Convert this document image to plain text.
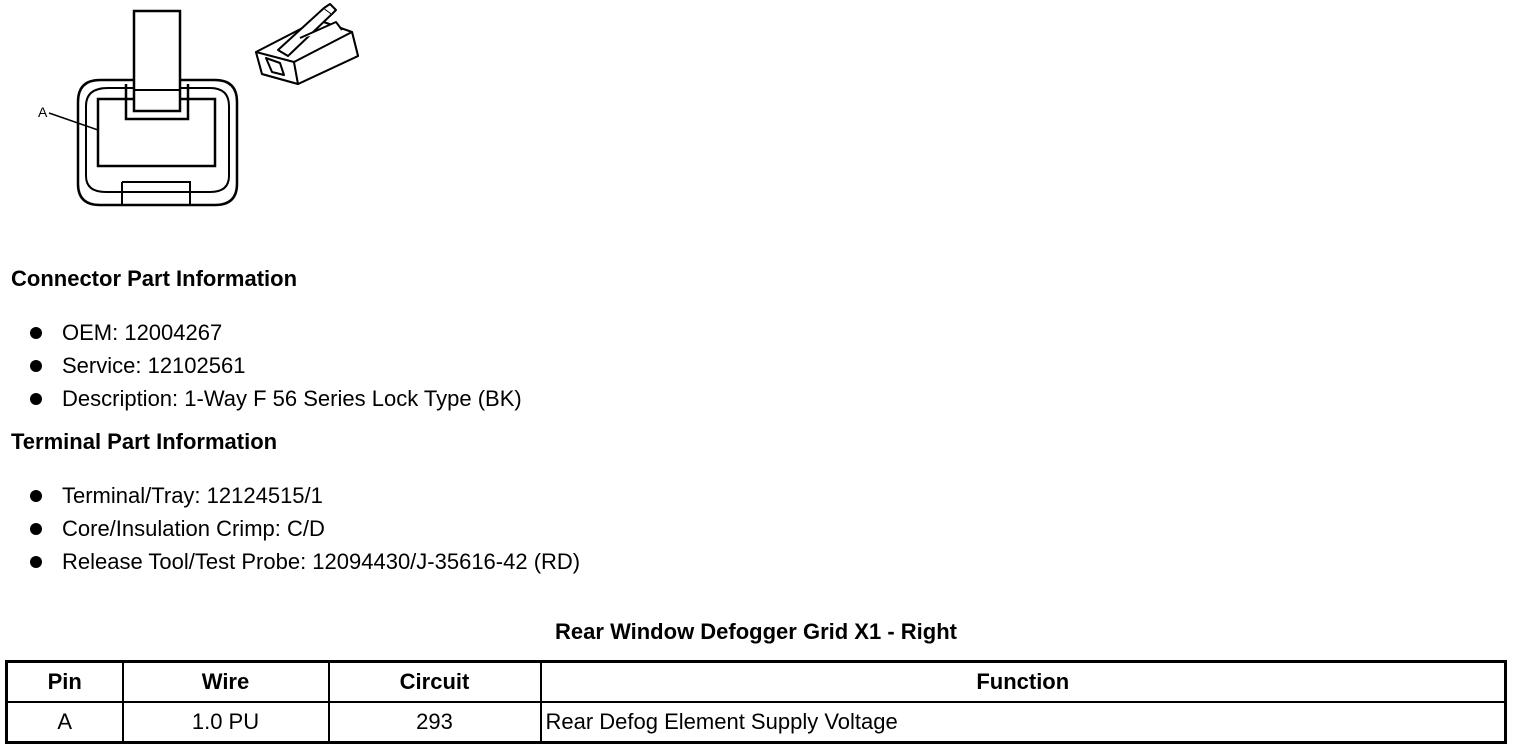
A
Connector Part Information
OEM: 12004267
Service: 12102561
Description: 1-Way F 56 Series Lock Type (BK)
Terminal Part Information
Terminal/Tray: 12124515/1
Core/Insulation Crimp: C/D
Release Tool/Test Probe: 12094430/J-35616-42 (RD)
Rear Window Defogger Grid X1 - Right
Pin	Wire	Circuit	Function
A	1.0 PU	293	Rear Defog Element Supply Voltage
